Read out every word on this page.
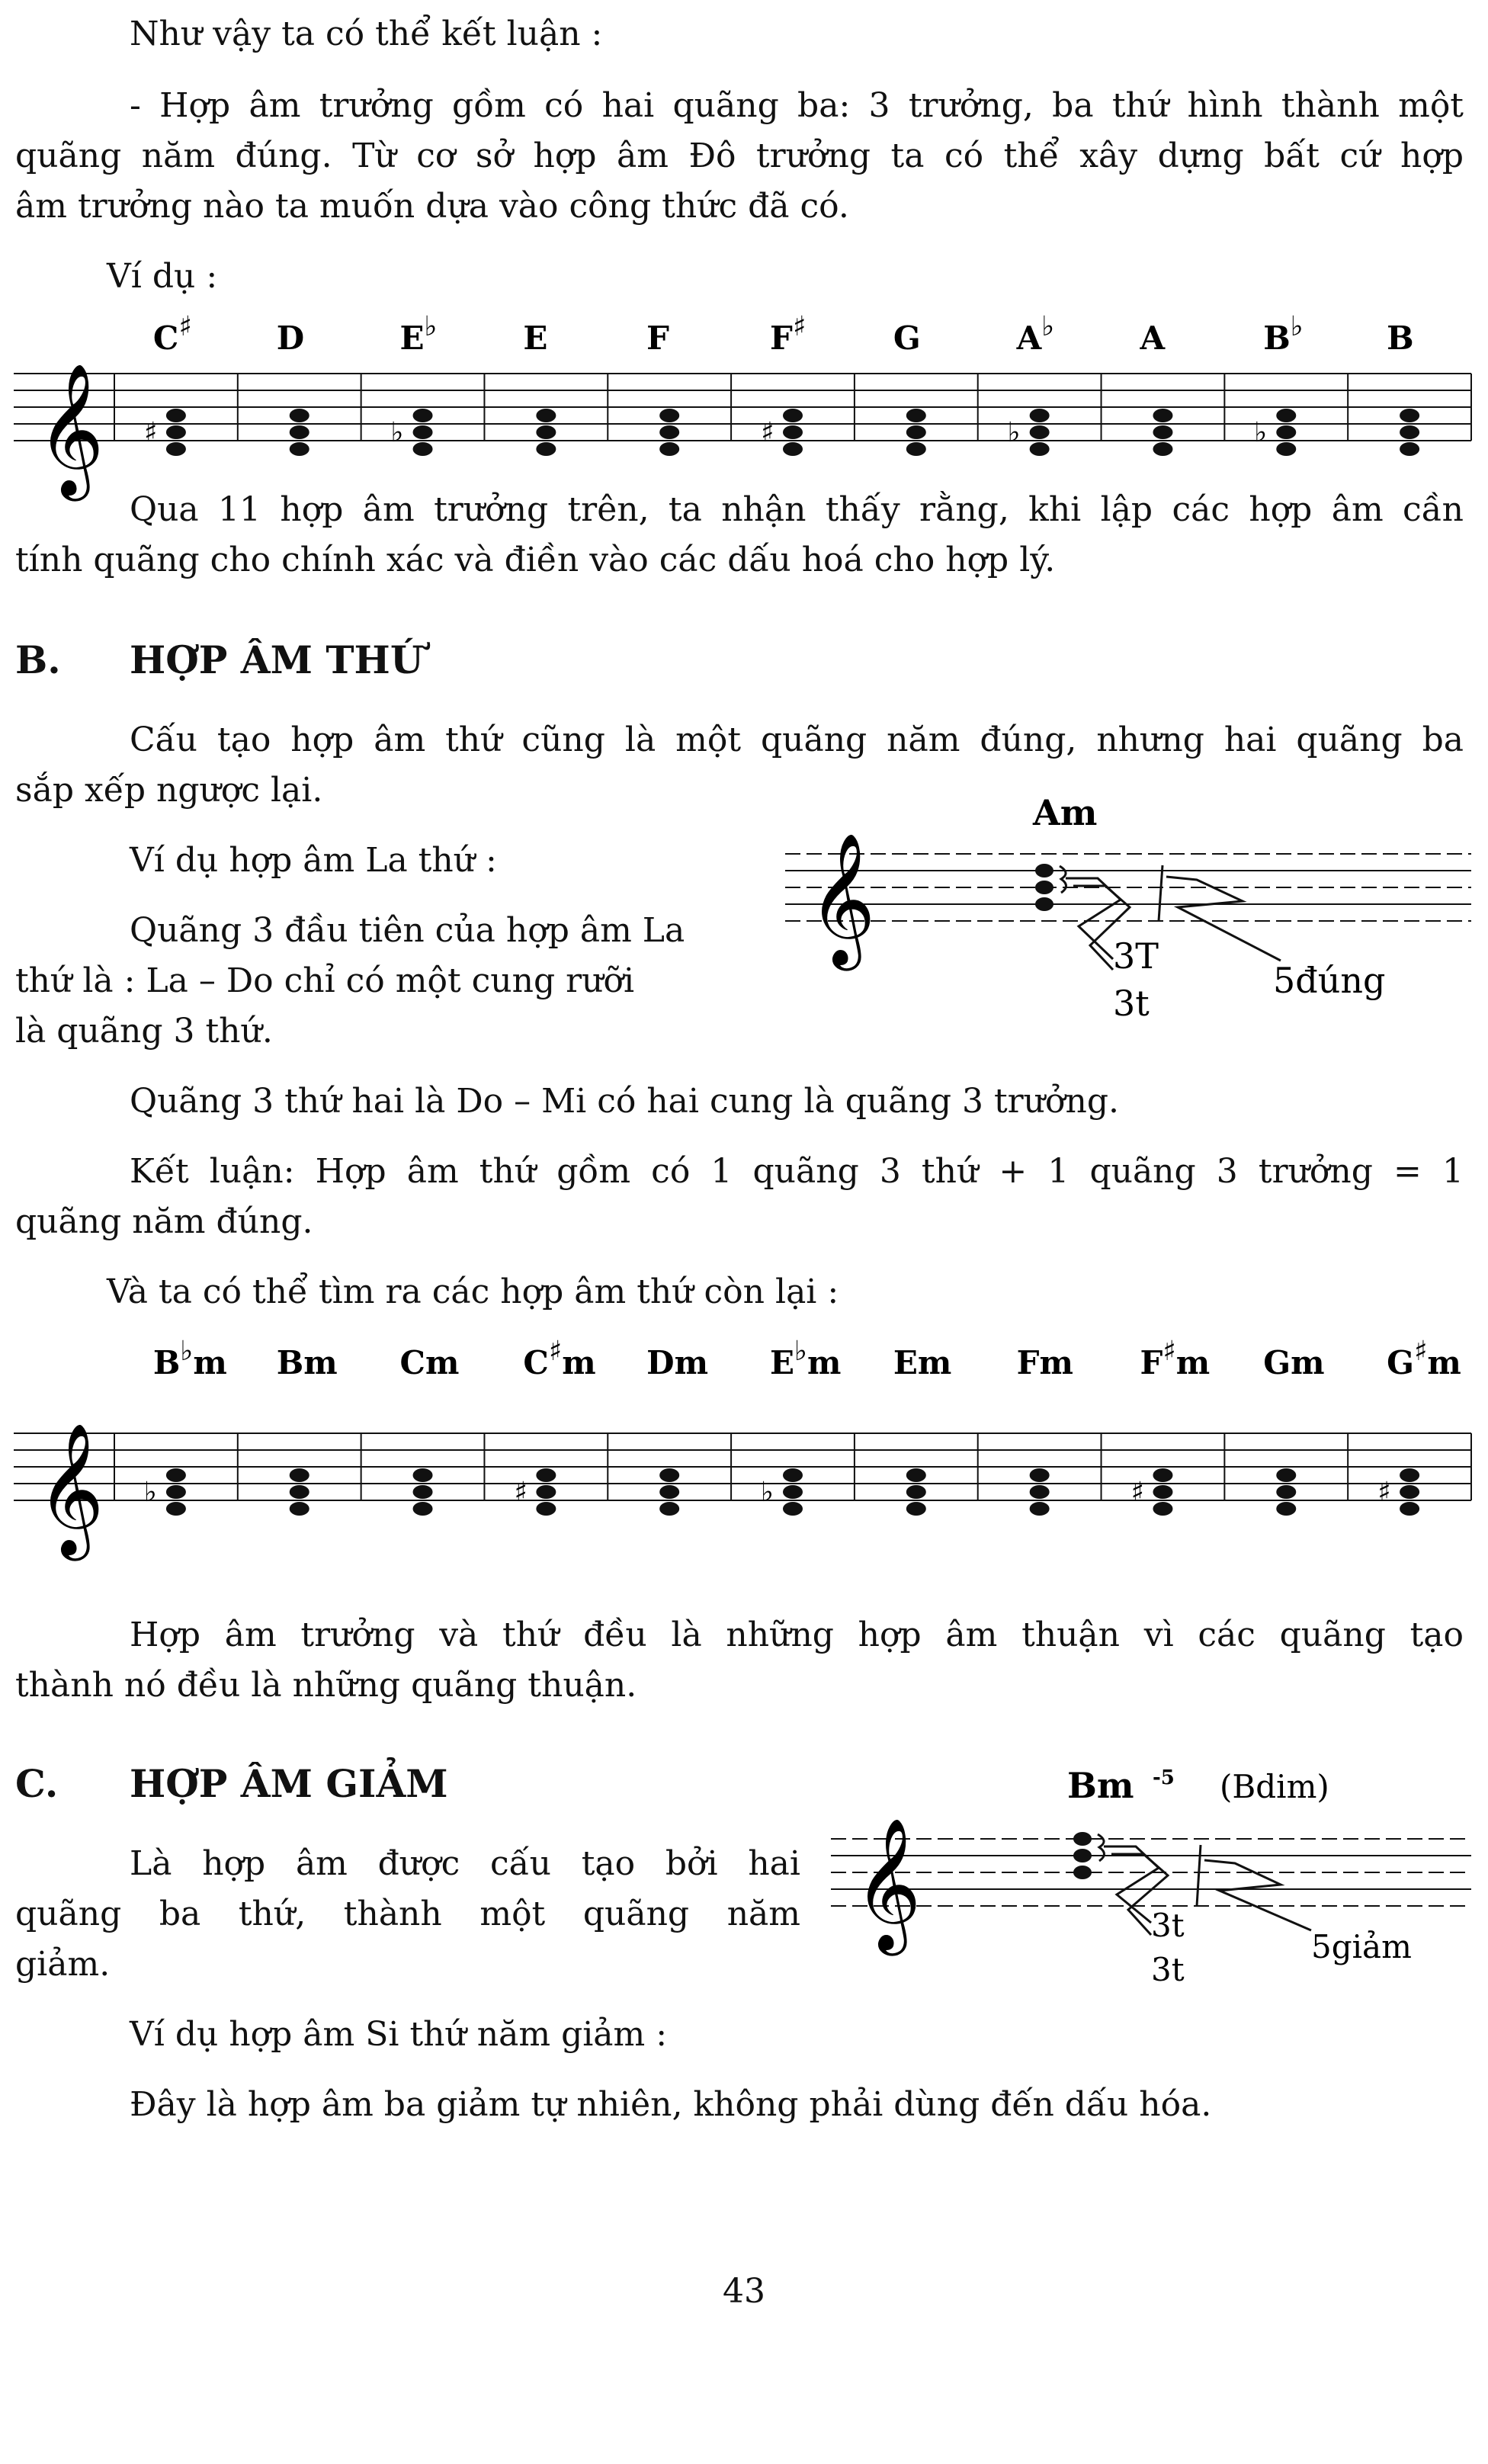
Như vậy ta có thể kết luận :

- Hợp âm trưởng gồm có hai quãng ba: 3 trưởng, ba thứ hình thành một

quãng năm đúng. Từ cơ sở hợp âm Đô trưởng ta có thể xây dựng bất cứ hợp

âm trưởng nào ta muốn dựa vào công thức đã có.

Ví dụ :

𝄞
C♯
♯
D	E♭
♭
E	F	F♯
♯
G	A♭
♭
A	B♭
♭
B

Qua 11 hợp âm trưởng trên, ta nhận thấy rằng, khi lập các hợp âm cần

tính quãng cho chính xác và điền vào các dấu hoá cho hợp lý.

B. HỢP ÂM THỨ

Cấu tạo hợp âm thứ cũng là một quãng năm đúng, nhưng hai quãng ba

sắp xếp ngược lại.

Ví dụ hợp âm La thứ :

Quãng 3 đầu tiên của hợp âm La

thứ là : La – Do chỉ có một cung rưỡi

là quãng 3 thứ.

𝄞
Am
3T
3t
5đúng

Quãng 3 thứ hai là Do – Mi có hai cung là quãng 3 trưởng.

Kết luận: Hợp âm thứ gồm có 1 quãng 3 thứ + 1 quãng 3 trưởng = 1

quãng năm đúng.

Và ta có thể tìm ra các hợp âm thứ còn lại :

𝄞
B♭m
♭
Bm Cm C♯m
♯
Dm E♭m
♭
Em Fm F♯m
♯
Gm G♯m
♯

Hợp âm trưởng và thứ đều là những hợp âm thuận vì các quãng tạo

thành nó đều là những quãng thuận.

C. HỢP ÂM GIẢM	Bm -5 (Bdim)
𝄞	3t
3t
5giảm

Là hợp âm được cấu tạo bởi hai

quãng ba thứ, thành một quãng năm

giảm.

Ví dụ hợp âm Si thứ năm giảm :

Đây là hợp âm ba giảm tự nhiên, không phải dùng đến dấu hóa.

43
